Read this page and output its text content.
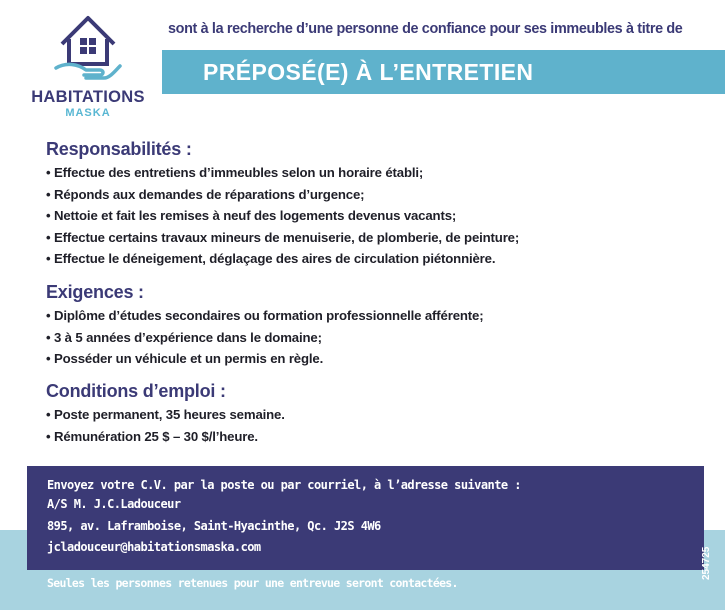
HABITATIONS
MASKA
sont à la recherche d’une personne de confiance pour ses immeubles à titre de
PRÉPOSÉ(E) À L’ENTRETIEN
Responsabilités :
• Effectue des entretiens d’immeubles selon un horaire établi;
• Réponds aux demandes de réparations d’urgence;
• Nettoie et fait les remises à neuf des logements devenus vacants;
• Effectue certains travaux mineurs de menuiserie, de plomberie, de peinture;
• Effectue le déneigement, déglaçage des aires de circulation piétonnière.
Exigences :
• Diplôme d’études secondaires ou formation professionnelle afférente;
• 3 à 5 années d’expérience dans le domaine;
• Posséder un véhicule et un permis en règle.
Conditions d’emploi :
• Poste permanent, 35 heures semaine.
• Rémunération 25 $ – 30 $/l’heure.
Envoyez votre C.V. par la poste ou par courriel, à l’adresse suivante :
A/S M. J.C.Ladouceur
895, av. Laframboise, Saint-Hyacinthe, Qc. J2S 4W6
jcladouceur@habitationsmaska.com
Seules les personnes retenues pour une entrevue seront contactées.
254725
